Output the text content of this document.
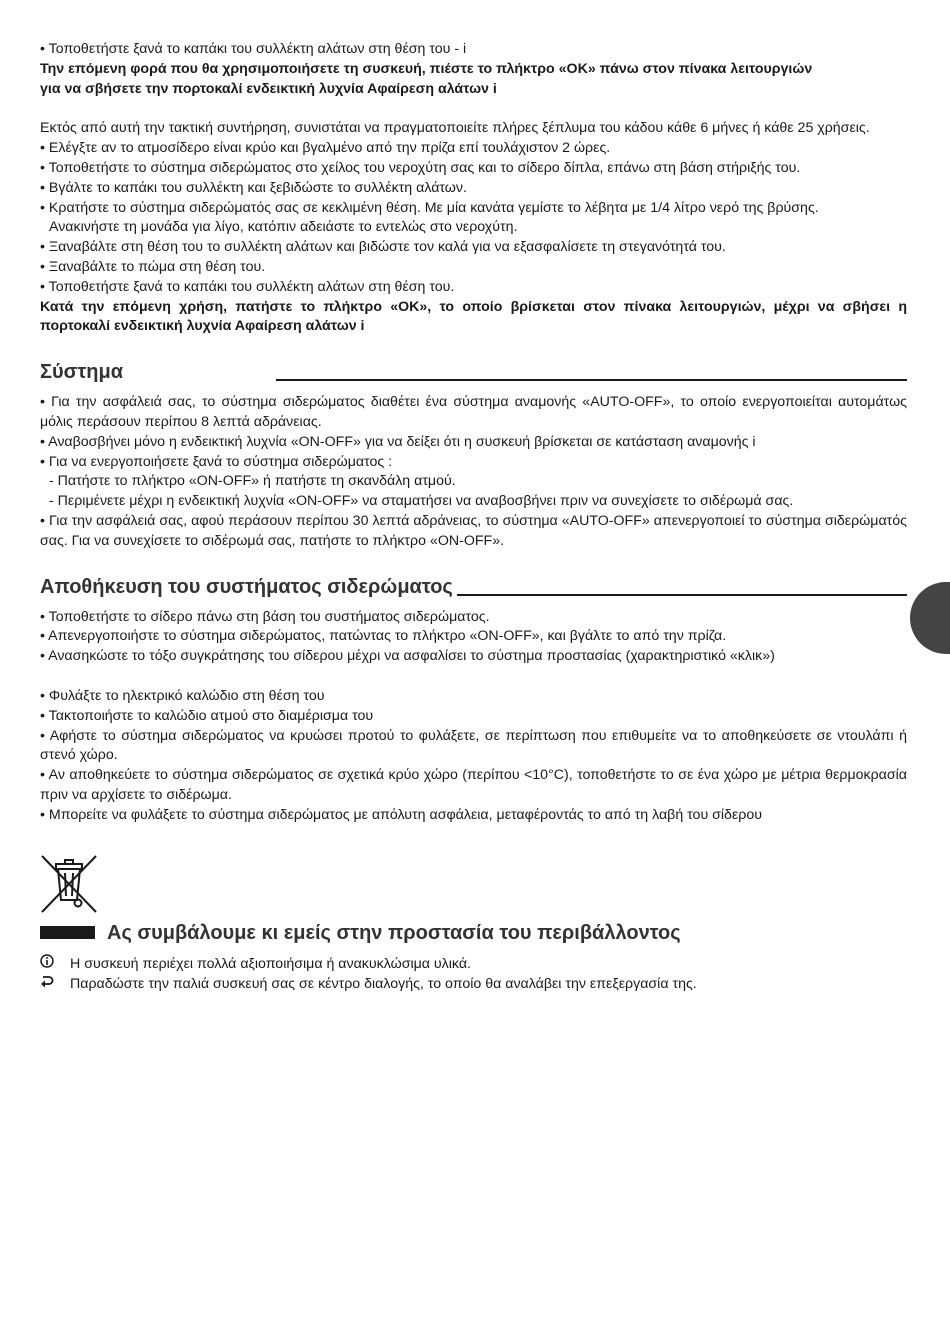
• Τοποθετήστε ξανά το καπάκι του συλλέκτη αλάτων στη θέση του - i
Την επόμενη φορά που θα χρησιμοποιήσετε τη συσκευή, πιέστε το πλήκτρο «ΟΚ» πάνω στον πίνακα λειτουργιών
για να σβήσετε την πορτοκαλί ενδεικτική λυχνία Αφαίρεση αλάτων i
Εκτός από αυτή την τακτική συντήρηση, συνιστάται να πραγματοποιείτε πλήρες ξέπλυμα του κάδου κάθε 6 μήνες ή κάθε 25 χρήσεις.
• Ελέγξτε αν το ατμοσίδερο είναι κρύο και βγαλμένο από την πρίζα επί τουλάχιστον 2 ώρες.
• Τοποθετήστε το σύστημα σιδερώματος στο χείλος του νεροχύτη σας και το σίδερο δίπλα, επάνω στη βάση στήριξής του.
• Βγάλτε το καπάκι του συλλέκτη και ξεβιδώστε το συλλέκτη αλάτων.
• Κρατήστε το σύστημα σιδερώματός σας σε κεκλιμένη θέση. Με μία κανάτα γεμίστε το λέβητα με 1/4 λίτρο νερό της βρύσης.
Ανακινήστε τη μονάδα για λίγο, κατόπιν αδειάστε το εντελώς στο νεροχύτη.
• Ξαναβάλτε στη θέση του το συλλέκτη αλάτων και βιδώστε τον καλά για να εξασφαλίσετε τη στεγανότητά του.
• Ξαναβάλτε το πώμα στη θέση του.
• Τοποθετήστε ξανά το καπάκι του συλλέκτη αλάτων στη θέση του.
Κατά την επόμενη χρήση, πατήστε το πλήκτρο «ΟΚ», το οποίο βρίσκεται στον πίνακα λειτουργιών, μέχρι να σβήσει η πορτοκαλί ενδεικτική λυχνία Αφαίρεση αλάτων i
Σύστημα
• Για την ασφάλειά σας, το σύστημα σιδερώματος διαθέτει ένα σύστημα αναμονής «AUTO-OFF», το οποίο ενεργοποιείται αυτομάτως μόλις περάσουν περίπου 8 λεπτά αδράνειας.
• Αναβοσβήνει μόνο η ενδεικτική λυχνία «ON-OFF» για να δείξει ότι η συσκευή βρίσκεται σε κατάσταση αναμονής i
• Για να ενεργοποιήσετε ξανά το σύστημα σιδερώματος :
- Πατήστε το πλήκτρο «ON-OFF» ή πατήστε τη σκανδάλη ατμού.
- Περιμένετε μέχρι η ενδεικτική λυχνία «ON-OFF» να σταματήσει να αναβοσβήνει πριν να συνεχίσετε το σιδέρωμά σας.
• Για την ασφάλειά σας, αφού περάσουν περίπου 30 λεπτά αδράνειας, το σύστημα «AUTO-OFF» απενεργοποιεί το σύστημα σιδερώματός σας. Για να συνεχίσετε το σιδέρωμά σας, πατήστε το πλήκτρο «ON-OFF».
Αποθήκευση του συστήματος σιδερώματος
• Τοποθετήστε το σίδερο πάνω στη βάση του συστήματος σιδερώματος.
• Απενεργοποιήστε το σύστημα σιδερώματος, πατώντας το πλήκτρο «ON-OFF», και βγάλτε το από την πρίζα.
• Ανασηκώστε το τόξο συγκράτησης του σίδερου μέχρι να ασφαλίσει το σύστημα προστασίας (χαρακτηριστικό «κλικ»)
• Φυλάξτε το ηλεκτρικό καλώδιο στη θέση του
• Τακτοποιήστε το καλώδιο ατμού στο διαμέρισμα του
• Αφήστε το σύστημα σιδερώματος να κρυώσει προτού το φυλάξετε, σε περίπτωση που επιθυμείτε να το αποθηκεύσετε σε ντουλάπι ή στενό χώρο.
• Αν αποθηκεύετε το σύστημα σιδερώματος σε σχετικά κρύο χώρο (περίπου <10°C), τοποθετήστε το σε ένα χώρο με μέτρια θερμοκρασία πριν να αρχίσετε το σιδέρωμα.
• Μπορείτε να φυλάξετε το σύστημα σιδερώματος με απόλυτη ασφάλεια, μεταφέροντάς το από τη λαβή του σίδερου
Ας συμβάλουμε κι εμείς στην προστασία του περιβάλλοντος
Η συσκευή περιέχει πολλά αξιοποιήσιμα ή ανακυκλώσιμα υλικά.
Παραδώστε την παλιά συσκευή σας σε κέντρο διαλογής, το οποίο θα αναλάβει την επεξεργασία της.
